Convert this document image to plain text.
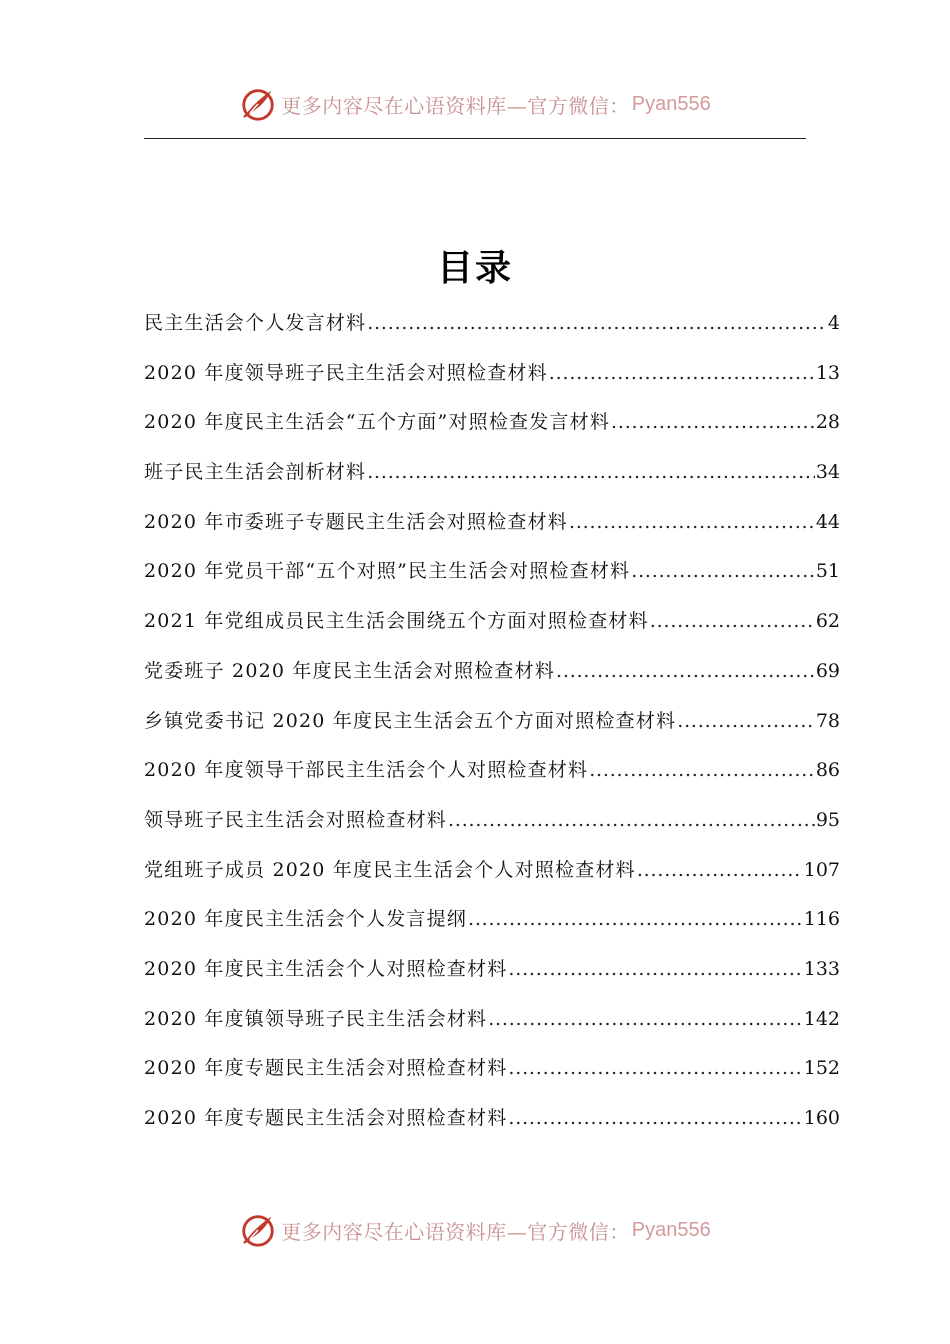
更多内容尽在心语资料库—官方微信： Pyan556
目录
民主生活会个人发言材料 .....	4
2020 年度领导班子民主生活会对照检查材料 .....	13
2020 年度民主生活会“五个方面”对照检查发言材料 .....	28
班子民主生活会剖析材料 .....	34
2020 年市委班子专题民主生活会对照检查材料 .....	44
2020 年党员干部“五个对照”民主生活会对照检查材料 .....	51
2021 年党组成员民主生活会围绕五个方面对照检查材料 .....	62
党委班子 2020 年度民主生活会对照检查材料 .....	69
乡镇党委书记 2020 年度民主生活会五个方面对照检查材料 .....	78
2020 年度领导干部民主生活会个人对照检查材料 .....	86
领导班子民主生活会对照检查材料 .....	95
党组班子成员 2020 年度民主生活会个人对照检查材料 .....	107
2020 年度民主生活会个人发言提纲 .....	116
2020 年度民主生活会个人对照检查材料 .....	133
2020 年度镇领导班子民主生活会材料 .....	142
2020 年度专题民主生活会对照检查材料 .....	152
2020 年度专题民主生活会对照检查材料 .....	160
更多内容尽在心语资料库—官方微信： Pyan556
